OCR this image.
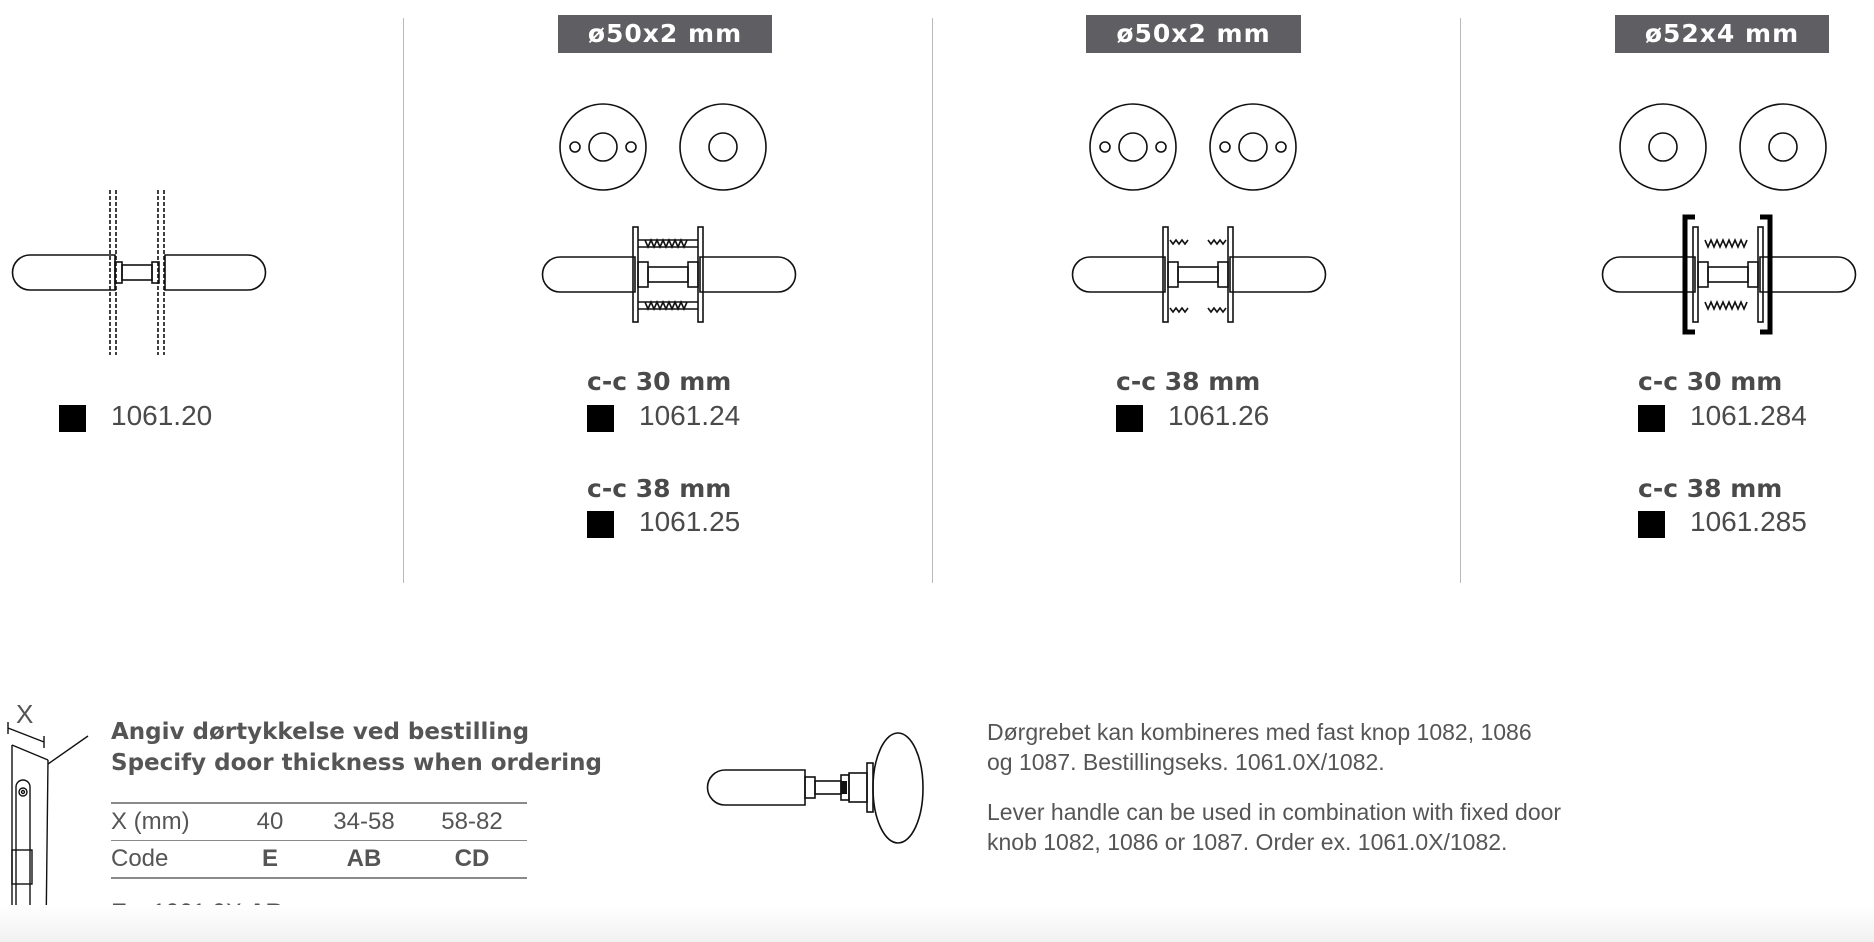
1061.20
ø50x2 mm
c-c 30 mm
1061.24
c-c 38 mm
1061.25
ø50x2 mm
c-c 38 mm
1061.26
ø52x4 mm
c-c 30 mm
1061.284
c-c 38 mm
1061.285
X
Angiv dørtykkelse ved bestilling
Specify door thickness when ordering
X (mm)	40	34-58	58-82
Code	E	AB	CD
Dørgrebet kan kombineres med fast knop 1082, 1086
og 1087. Bestillingseks. 1061.0X/1082.
Lever handle can be used in combination with fixed door
knob 1082, 1086 or 1087. Order ex. 1061.0X/1082.
